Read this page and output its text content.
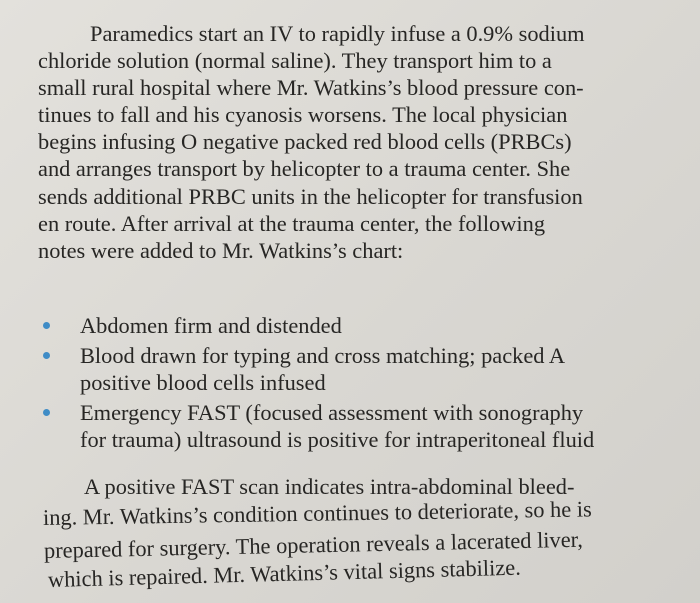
Paramedics start an IV to rapidly infuse a 0.9% sodium
chloride solution (normal saline). They transport him to a
small rural hospital where Mr. Watkins’s blood pressure con-
tinues to fall and his cyanosis worsens. The local physician
begins infusing O negative packed red blood cells (PRBCs)
and arranges transport by helicopter to a trauma center. She
sends additional PRBC units in the helicopter for transfusion
en route. After arrival at the trauma center, the following
notes were added to Mr. Watkins’s chart:

Abdomen firm and distended
Blood drawn for typing and cross matching; packed A
positive blood cells infused
Emergency FAST (focused assessment with sonography
for trauma) ultrasound is positive for intraperitoneal fluid

A positive FAST scan indicates intra-abdominal bleed-
ing. Mr. Watkins’s condition continues to deteriorate, so he is
prepared for surgery. The operation reveals a lacerated liver,
which is repaired. Mr. Watkins’s vital signs stabilize.
